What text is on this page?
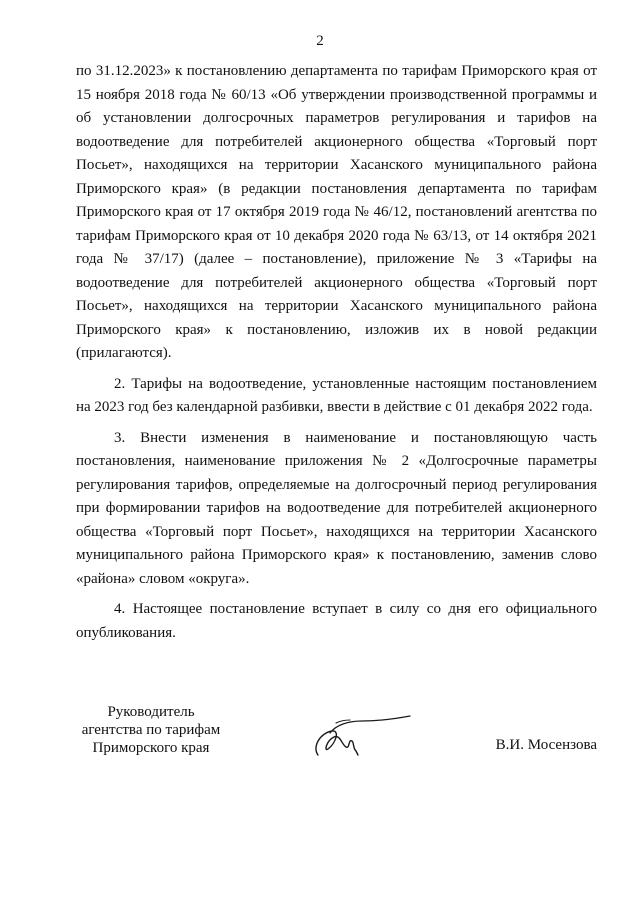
2

по 31.12.2023» к постановлению департамента по тарифам Приморского края от 15 ноября 2018 года № 60/13 «Об утверждении производственной программы и об установлении долгосрочных параметров регулирования и тарифов на водоотведение для потребителей акционерного общества «Торговый порт Посьет», находящихся на территории Хасанского муниципального района Приморского края» (в редакции постановления департамента по тарифам Приморского края от 17 октября 2019 года № 46/12, постановлений агентства по тарифам Приморского края от 10 декабря 2020 года № 63/13, от 14 октября 2021 года № 37/17) (далее – постановление), приложение № 3 «Тарифы на водоотведение для потребителей акционерного общества «Торговый порт Посьет», находящихся на территории Хасанского муниципального района Приморского края» к постановлению, изложив их в новой редакции (прилагаются).

2. Тарифы на водоотведение, установленные настоящим постановлением на 2023 год без календарной разбивки, ввести в действие с 01 декабря 2022 года.

3. Внести изменения в наименование и постановляющую часть постановления, наименование приложения № 2 «Долгосрочные параметры регулирования тарифов, определяемые на долгосрочный период регулирования при формировании тарифов на водоотведение для потребителей акционерного общества «Торговый порт Посьет», находящихся на территории Хасанского муниципального района Приморского края» к постановлению, заменив слово «района» словом «округа».

4. Настоящее постановление вступает в силу со дня его официального опубликования.

Руководитель
агентства по тарифам
Приморского края	В.И. Мосензова
